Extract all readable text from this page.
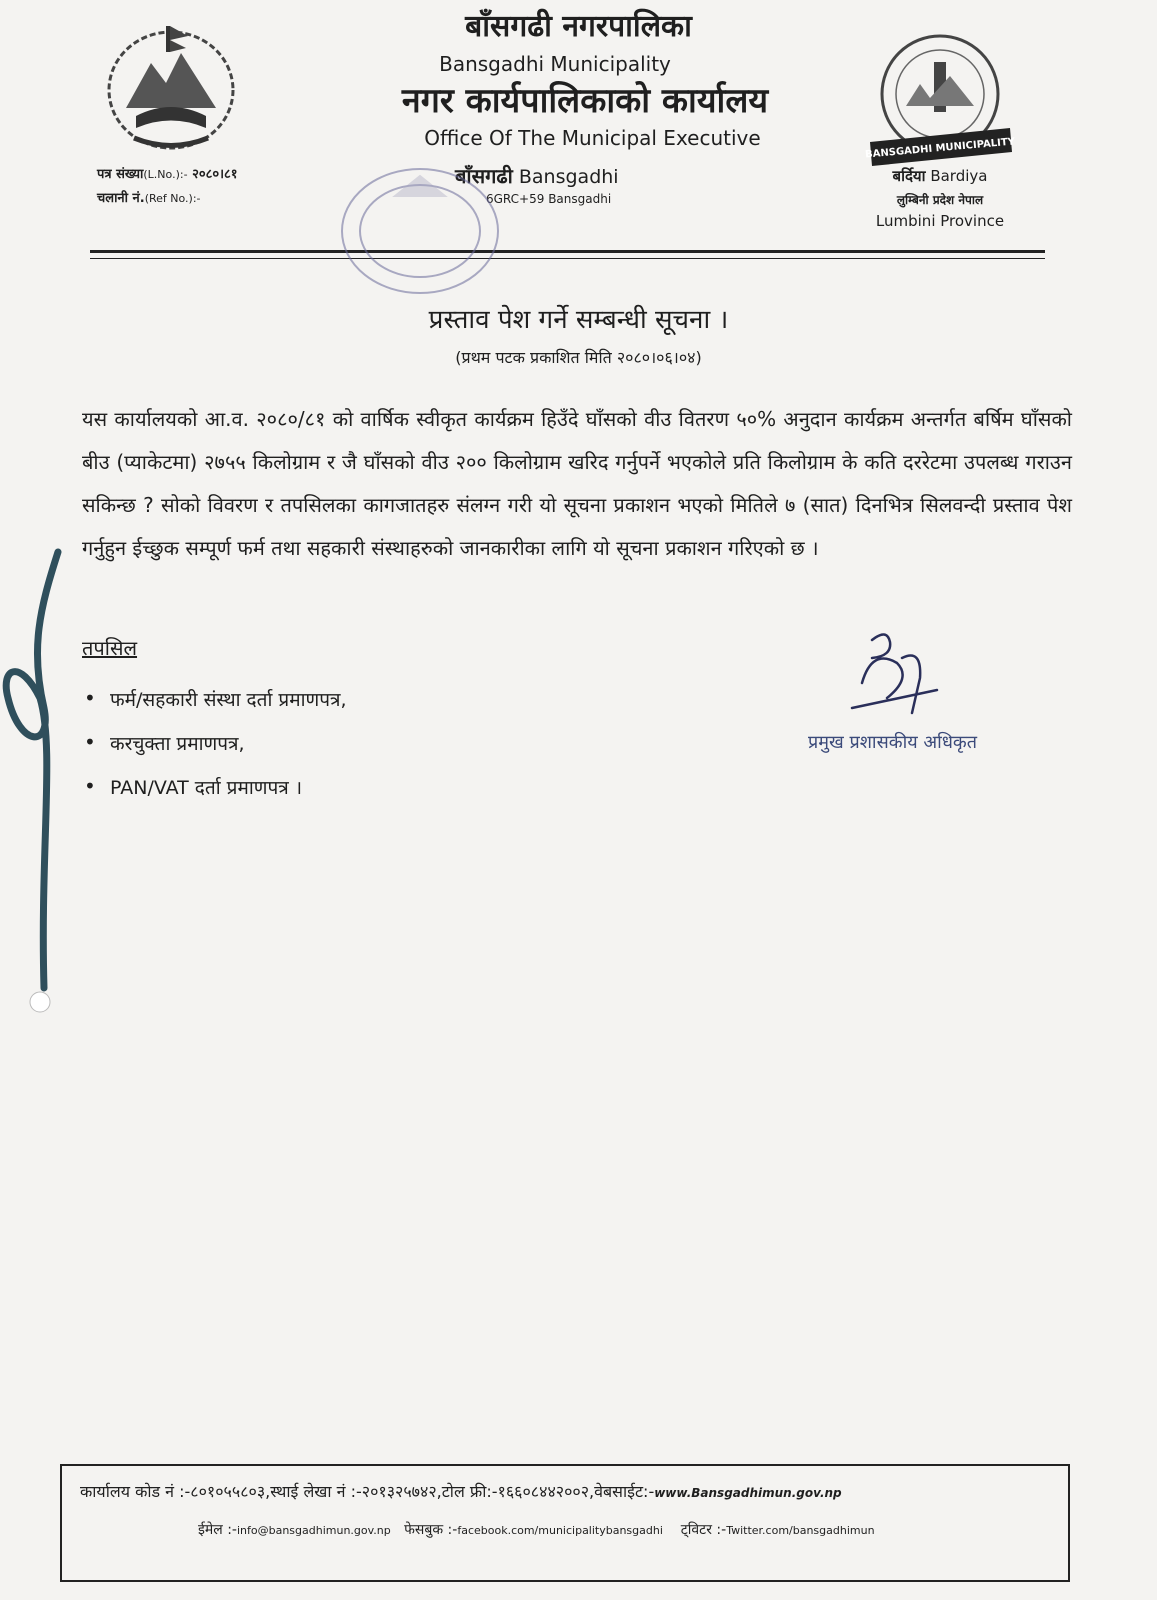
पत्र संख्या(L.No.):- २०८०।८१
चलानी नं.(Ref No.):-
बाँसगढी नगरपालिका
Bansgadhi Municipality
नगर कार्यपालिकाको कार्यालय
Office Of The Municipal Executive
बाँसगढी Bansgadhi
6GRC+59 Bansgadhi
BANSGADHI MUNICIPALITY
बर्दिया Bardiya
लुम्बिनी प्रदेश नेपाल
Lumbini Province
प्रस्ताव पेश गर्ने सम्बन्धी सूचना ।
(प्रथम पटक प्रकाशित मिति २०८०।०६।०४)
यस कार्यालयको आ.व. २०८०/८१ को वार्षिक स्वीकृत कार्यक्रम हिउँदे घाँसको वीउ वितरण ५०% अनुदान कार्यक्रम अन्तर्गत बर्षिम घाँसको बीउ (प्याकेटमा) २७५५ किलोग्राम र जै घाँसको वीउ २०० किलोग्राम खरिद गर्नुपर्ने भएकोले प्रति किलोग्राम के कति दररेटमा उपलब्ध गराउन सकिन्छ ? सोको विवरण र तपसिलका कागजातहरु संलग्न गरी यो सूचना प्रकाशन भएको मितिले ७ (सात) दिनभित्र सिलवन्दी प्रस्ताव पेश गर्नुहुन ईच्छुक सम्पूर्ण फर्म तथा सहकारी संस्थाहरुको जानकारीका लागि यो सूचना प्रकाशन गरिएको छ ।
तपसिल
• फर्म/सहकारी संस्था दर्ता प्रमाणपत्र,
• करचुक्ता प्रमाणपत्र,
• PAN/VAT दर्ता प्रमाणपत्र ।
प्रमुख प्रशासकीय अधिकृत
कार्यालय कोड नं :-८०१०५५८०३,स्थाई लेखा नं :-२०१३२५७४२,टोल फ्री:-१६६०८४४२००२,वेबसाईट:-www.Bansgadhimun.gov.np
ईमेल :-info@bansgadhimun.gov.np फेसबुक :-facebook.com/municipalitybansgadhi ट्विटर :-Twitter.com/bansgadhimun
